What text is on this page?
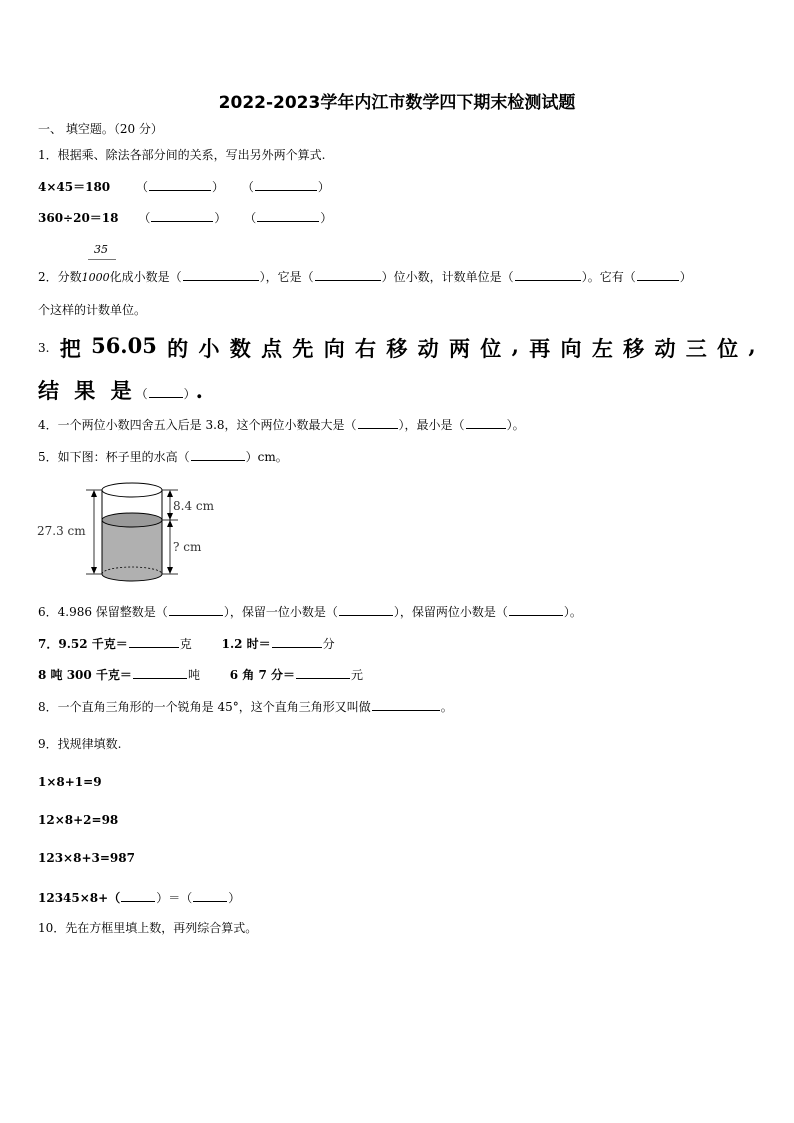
2022-2023学年内江市数学四下期末检测试题
一、 填空题。（20 分）
1．根据乘、除法各部分间的关系，写出另外两个算式.
4×45＝180 （	） （	）
360÷20＝18 （	） （	）
35
2．分数1000化成小数是（	），它是（	）位小数，计数单位是（	）。它有（	）
个这样的计数单位。
3. 把 56.05 的 小 数 点 先 向 右 移 动 两 位 , 再 向 左 移 动 三 位 ,
结 果 是（	）.
4．一个两位小数四舍五入后是 3.8，这个两位小数最大是（	），最小是（	）。
5．如下图：杯子里的水高（	）cm。
27.3 cm
8.4 cm
? cm
6．4.986 保留整数是（	），保留一位小数是（	），保留两位小数是（	）。
7．9.52 千克＝	克 1.2 时＝	分
8 吨 300 千克＝	吨 6 角 7 分＝	元
8．一个直角三角形的一个锐角是 45°，这个直角三角形又叫做	。
9．找规律填数.
1×8+1=9
12×8+2=98
123×8+3=987
12345×8+（	）＝（	）
10．先在方框里填上数，再列综合算式。
